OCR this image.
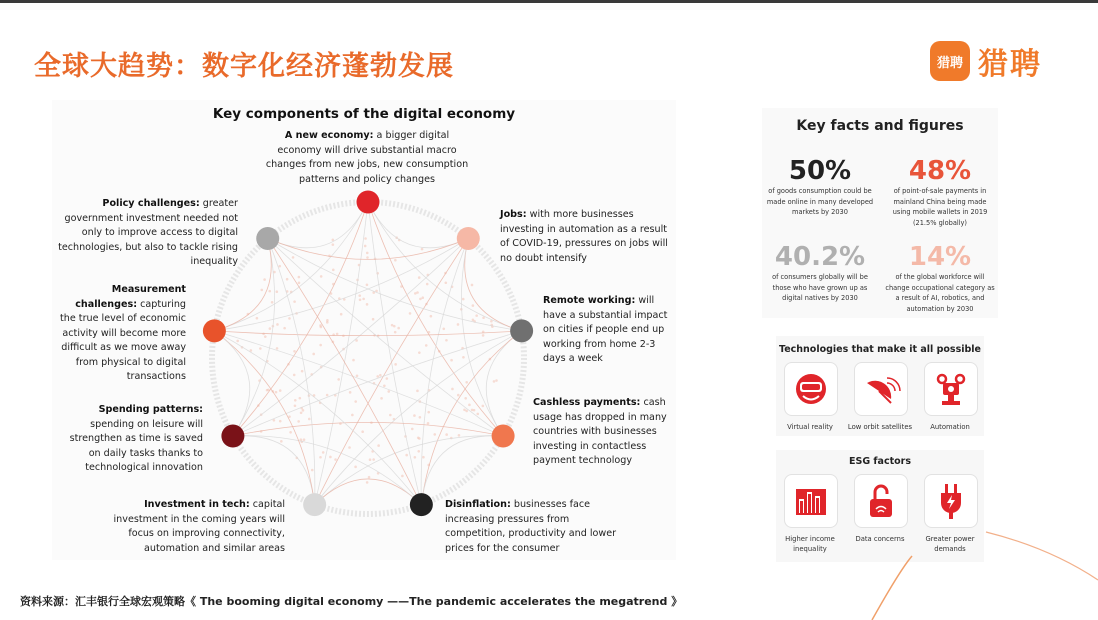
全球大趋势：数字化经济蓬勃发展	猎聘 猎聘
Key components of the digital economy
A new economy: a bigger digital economy will drive substantial macro changes from new jobs, new consumption patterns and policy changes
Jobs: with more businesses investing in automation as a result of COVID-19, pressures on jobs will no doubt intensify
Remote working: will have a substantial impact on cities if people end up working from home 2-3 days a week
Cashless payments: cash usage has dropped in many countries with businesses investing in contactless payment technology
Disinflation: businesses face increasing pressures from competition, productivity and lower prices for the consumer
Investment in tech: capital investment in the coming years will focus on improving connectivity, automation and similar areas
Spending patterns: spending on leisure will strengthen as time is saved on daily tasks thanks to technological innovation
Measurement challenges: capturing the true level of economic activity will become more difficult as we move away from physical to digital transactions
Policy challenges: greater government investment needed not only to improve access to digital technologies, but also to tackle rising inequality
Key facts and figures
50%
of goods consumption could be made online in many developed markets by 2030
48%
of point-of-sale payments in mainland China being made using mobile wallets in 2019 (21.5% globally)
40.2%
of consumers globally will be those who have grown up as digital natives by 2030
14%
of the global workforce will change occupational category as a result of AI, robotics, and automation by 2030
Technologies that make it all possible
Virtual reality	Low orbit satellites	Automation
ESG factors
Higher income inequality
Data concerns	Greater power demands
资料来源：汇丰银行全球宏观策略《 The booming digital economy ——The pandemic accelerates the megatrend 》
